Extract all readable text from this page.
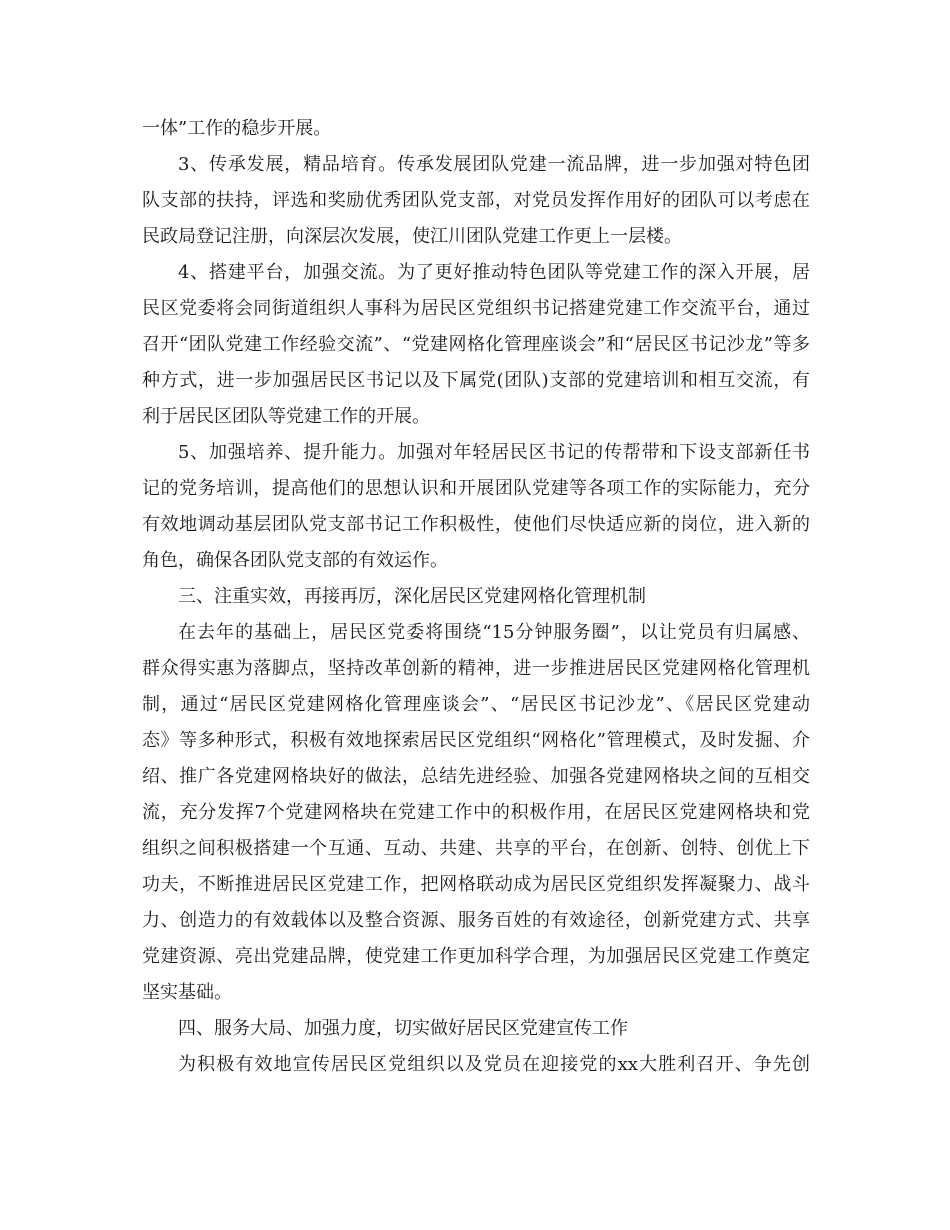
一体”工作的稳步开展。
3、传承发展，精品培育。传承发展团队党建一流品牌，进一步加强对特色团
队支部的扶持，评选和奖励优秀团队党支部，对党员发挥作用好的团队可以考虑在
民政局登记注册，向深层次发展，使江川团队党建工作更上一层楼。
4、搭建平台，加强交流。为了更好推动特色团队等党建工作的深入开展，居
民区党委将会同街道组织人事科为居民区党组织书记搭建党建工作交流平台，通过
召开“团队党建工作经验交流”、“党建网格化管理座谈会”和“居民区书记沙龙”等多
种方式，进一步加强居民区书记以及下属党(团队)支部的党建培训和相互交流，有
利于居民区团队等党建工作的开展。
5、加强培养、提升能力。加强对年轻居民区书记的传帮带和下设支部新任书
记的党务培训，提高他们的思想认识和开展团队党建等各项工作的实际能力，充分
有效地调动基层团队党支部书记工作积极性，使他们尽快适应新的岗位，进入新的
角色，确保各团队党支部的有效运作。
三、注重实效，再接再厉，深化居民区党建网格化管理机制
在去年的基础上，居民区党委将围绕“15分钟服务圈”，以让党员有归属感、
群众得实惠为落脚点，坚持改革创新的精神，进一步推进居民区党建网格化管理机
制，通过“居民区党建网格化管理座谈会”、“居民区书记沙龙”、《居民区党建动
态》等多种形式，积极有效地探索居民区党组织“网格化”管理模式，及时发掘、介
绍、推广各党建网格块好的做法，总结先进经验、加强各党建网格块之间的互相交
流，充分发挥7个党建网格块在党建工作中的积极作用，在居民区党建网格块和党
组织之间积极搭建一个互通、互动、共建、共享的平台，在创新、创特、创优上下
功夫，不断推进居民区党建工作，把网格联动成为居民区党组织发挥凝聚力、战斗
力、创造力的有效载体以及整合资源、服务百姓的有效途径，创新党建方式、共享
党建资源、亮出党建品牌，使党建工作更加科学合理，为加强居民区党建工作奠定
坚实基础。
四、服务大局、加强力度，切实做好居民区党建宣传工作
为积极有效地宣传居民区党组织以及党员在迎接党的xx大胜利召开、争先创
